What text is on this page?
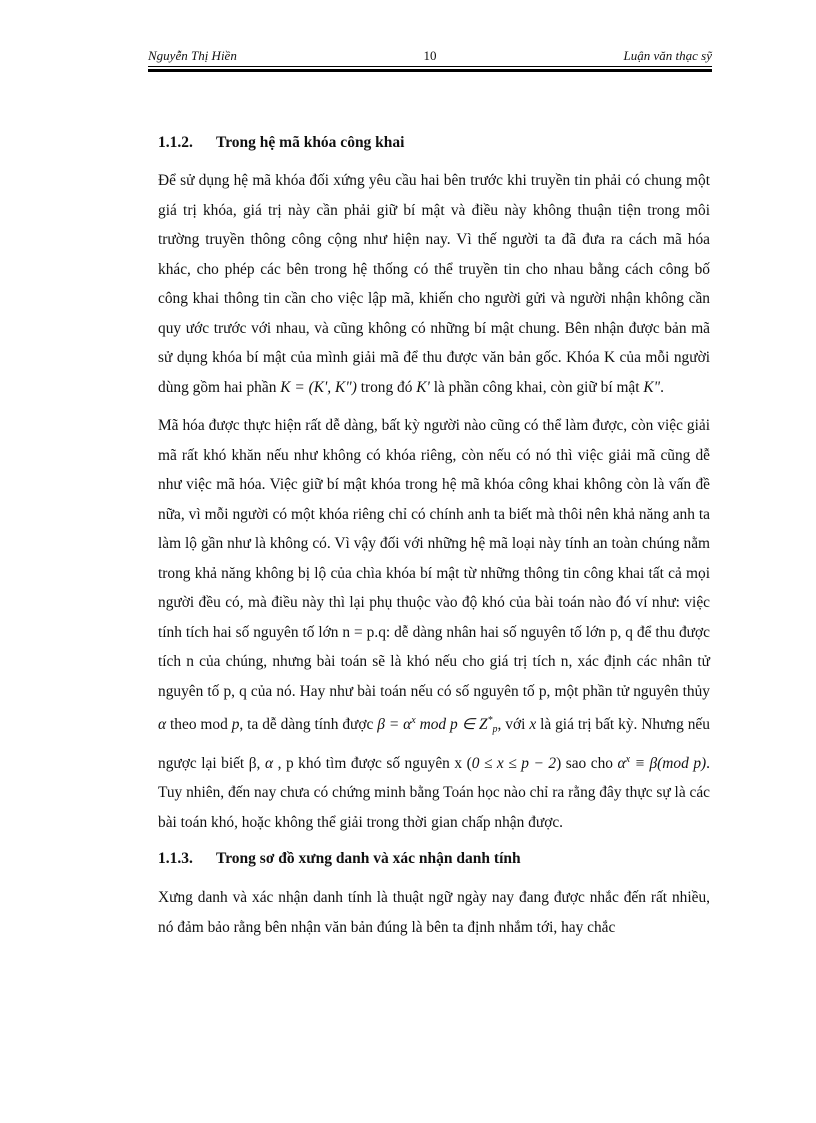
Nguyễn Thị Hiền	10	Luận văn thạc sỹ
1.1.2. Trong hệ mã khóa công khai

Để sử dụng hệ mã khóa đối xứng yêu cầu hai bên trước khi truyền tin phải có chung một giá trị khóa, giá trị này cần phải giữ bí mật và điều này không thuận tiện trong môi trường truyền thông công cộng như hiện nay. Vì thế người ta đã đưa ra cách mã hóa khác, cho phép các bên trong hệ thống có thể truyền tin cho nhau bằng cách công bố công khai thông tin cần cho việc lập mã, khiến cho người gửi và người nhận không cần quy ước trước với nhau, và cũng không có những bí mật chung. Bên nhận được bản mã sử dụng khóa bí mật của mình giải mã để thu được văn bản gốc. Khóa K của mỗi người dùng gồm hai phần K = (K', K") trong đó K' là phần công khai, còn giữ bí mật K".

Mã hóa được thực hiện rất dễ dàng, bất kỳ người nào cũng có thể làm được, còn việc giải mã rất khó khăn nếu như không có khóa riêng, còn nếu có nó thì việc giải mã cũng dễ như việc mã hóa. Việc giữ bí mật khóa trong hệ mã khóa công khai không còn là vấn đề nữa, vì mỗi người có một khóa riêng chỉ có chính anh ta biết mà thôi nên khả năng anh ta làm lộ gần như là không có. Vì vậy đối với những hệ mã loại này tính an toàn chúng nằm trong khả năng không bị lộ của chìa khóa bí mật từ những thông tin công khai tất cả mọi người đều có, mà điều này thì lại phụ thuộc vào độ khó của bài toán nào đó ví như: việc tính tích hai số nguyên tố lớn n = p.q: dễ dàng nhân hai số nguyên tố lớn p, q để thu được tích n của chúng, nhưng bài toán sẽ là khó nếu cho giá trị tích n, xác định các nhân tử nguyên tố p, q của nó. Hay như bài toán nếu có số nguyên tố p, một phần tử nguyên thủy α theo mod p, ta dễ dàng tính được $\beta = \alpha^x$ mod p ∈ $Z^*_p$, với x là giá trị bất kỳ. Nhưng nếu ngược lại biết β, α , p khó tìm được số nguyên x (0 ≤ x ≤ p − 2) sao cho $\alpha^x \equiv \beta(mod$ p). Tuy nhiên, đến nay chưa có chứng minh bằng Toán học nào chỉ ra rằng đây thực sự là các bài toán khó, hoặc không thể giải trong thời gian chấp nhận được.

1.1.3. Trong sơ đồ xưng danh và xác nhận danh tính

Xưng danh và xác nhận danh tính là thuật ngữ ngày nay đang được nhắc đến rất nhiều, nó đảm bảo rằng bên nhận văn bản đúng là bên ta định nhắm tới, hay chắc
